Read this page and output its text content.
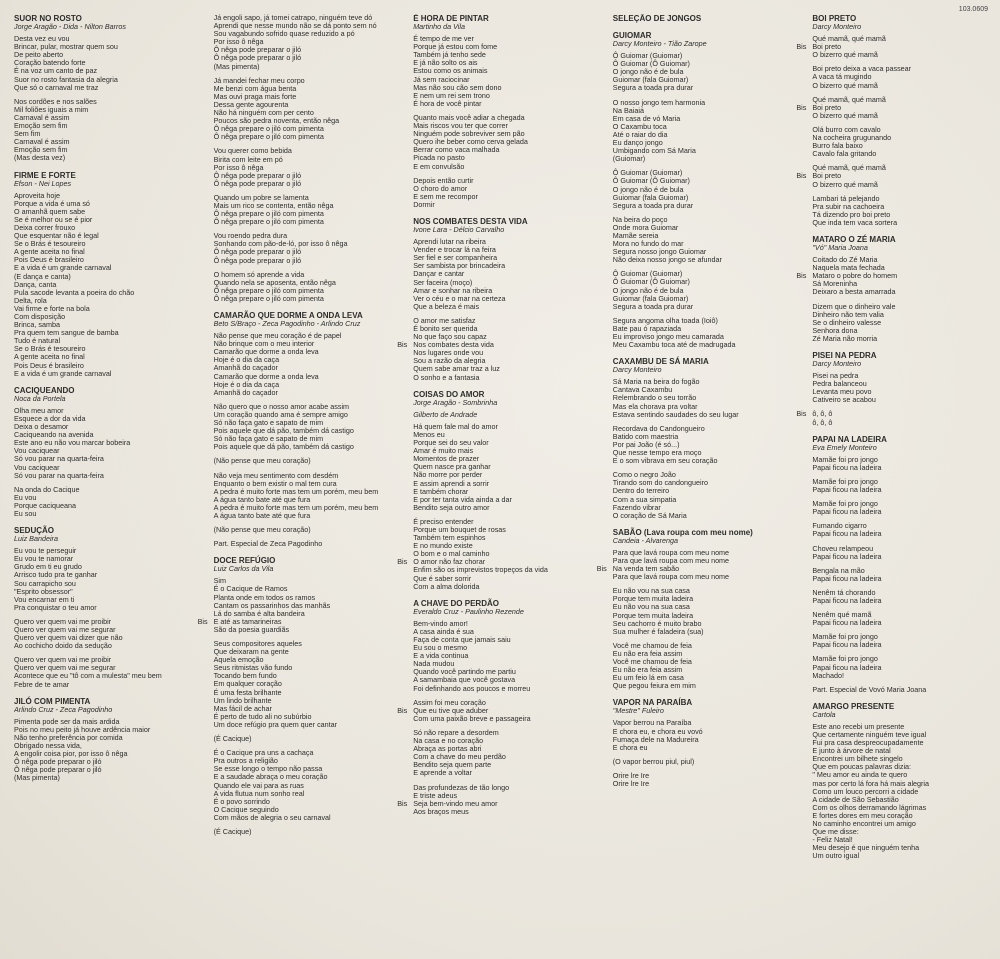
103.0609
SUOR NO ROSTO
Jorge Aragão - Dida - Nilton Barros
Desta vez eu vou
Brincar, pular, mostrar quem sou
De peito aberto
Coração batendo forte
É na voz um canto de paz
Suor no rosto fantasia da alegria
Que só o carnaval me traz
Nos cordões e nos salões
Mil foliões iguais a mim
Carnaval é assim
Emoção sem fim
Sem fim
Carnaval é assim
Emoção sem fim
(Mas desta vez)
FIRME E FORTE
Efson - Nei Lopes
Aproveita hoje
Porque a vida é uma só
O amanhã quem sabe
Se é melhor ou se é pior
Deixa correr frouxo
Que esquentar não é legal
Se o Brás é tesoureiro
A gente aceita no final
Pois Deus é brasileiro
E a vida é um grande carnaval
(E dança e canta)
Dança, canta
Pula sacode levanta a poeira do chão
Delta, rola
Vai firme e forte na bola
Com disposição
Brinca, samba
Pra quem tem sangue de bamba
Tudo é natural
Se o Brás é tesoureiro
A gente aceita no final
Pois Deus é brasileiro
E a vida é um grande carnaval
CACIQUEANDO
Noca da Portela
Olha meu amor
Esquece a dor da vida
Deixa o desamor
Caciqueando na avenida
Este ano eu não vou marcar bobeira
Vou caciquear
Só vou parar na quarta-feira
Vou caciquear
Só vou parar na quarta-feira
Na onda do Cacique
Eu vou
Porque caciqueana
Eu sou
SEDUÇÃO
Luiz Bandeira
Eu vou te perseguir
Eu vou te namorar
Grudo em ti eu grudo
Arrisco tudo pra te ganhar
Sou carrapicho sou
"Esprito obsessor"
Vou encarnar em ti
Pra conquistar o teu amor
Quero ver quem vai me proibir
Quero ver quem vai me segurar
Quero ver quem vai dizer que não
Ao cochicho doido da sedução
Quero ver quem vai me proibir
Quero ver quem vai me segurar
Acontece que eu "tô com a mulesta" meu bem
Febre de te amar
JILÓ COM PIMENTA
Arlindo Cruz - Zeca Pagodinho
Pimenta pode ser da mais ardida
Pois no meu peito já houve ardência maior
Não tenho preferência por comida
Obrigado nessa vida,
A engolir coisa pior, por isso ô nêga
Ô nêga pode preparar o jiló
Ô nêga pode preparar o jiló
(Mas pimenta)
Já engoli sapo, já tomei catrapo, ninguém teve dó
Aprendi que nesse mundo não se dá ponto sem nó
Sou vagabundo sofrido quase reduzido a pó
Por isso ô nêga
Ô nêga pode preparar o jiló
Ô nêga pode preparar o jiló
(Mas pimenta)
Já mandei fechar meu corpo
Me benzi com água benta
Mas ouvi praga mais forte
Dessa gente agourenta
Não há ninguém com per cento
Poucos são pedra noventa, então nêga
Ô nêga prepare o jiló com pimenta
Ô nêga prepare o jiló com pimenta
Vou querer como bebida
Birita com leite em pó
Por isso ô nêga
Ô nêga pode preparar o jiló
Ô nêga pode preparar o jiló
Quando um pobre se lamenta
Mais um rico se contenta, então nêga
Ô nêga prepare o jiló com pimenta
Ô nêga prepare o jiló com pimenta
Vou roendo pedra dura
Sonhando com pão-de-ló, por isso ô nêga
Ô nêga pode preparar o jiló
Ô nêga pode preparar o jiló
O homem só aprende a vida
Quando nela se aposenta, então nêga
Ô nêga prepare o jiló com pimenta
Ô nêga prepare o jiló com pimenta
CAMARÃO QUE DORME A ONDA LEVA
Beto S/Braço - Zeca Pagodinho - Arlindo Cruz
Não pense que meu coração é de papel
Não brinque com o meu interior
Camarão que dorme a onda leva
Hoje é o dia da caça
Amanhã do caçador
Camarão que dorme a onda leva
Hoje é o dia da caça
Amanhã do caçador
Não quero que o nosso amor acabe assim
Um coração quando ama é sempre amigo
Só não faça gato e sapato de mim
Pois aquele que dá pão, também dá castigo
Só não faça gato e sapato de mim
Pois aquele que dá pão, também dá castigo
(Não pense que meu coração)
Não veja meu sentimento com desdém
Enquanto o bem existir o mal tem cura
A pedra é muito forte mas tem um porém, meu bem
A água tanto bate até que fura
A pedra é muito forte mas tem um porém, meu bem
A água tanto bate até que fura
(Não pense que meu coração)
Part. Especial de Zeca Pagodinho
DOCE REFÚGIO
Luiz Carlos da Vila
Sim
É o Cacique de Ramos
Planta onde em todos os ramos
Cantam os passarinhos das manhãs
Lá do samba é alta bandeira
Bis E até as tamarineiras
São da poesia guardiãs
Seus compositores aqueles
Que deixaram na gente
Aquela emoção
Seus ritmistas vão fundo
Tocando bem fundo
Em qualquer coração
É uma festa brilhante
Um lindo brilhante
Mas fácil de achar
É perto de tudo ali no subúrbio
Um doce refúgio pra quem quer cantar
(É Cacique)
É o Cacique pra uns a cachaça
Pra outros a religião
Se esse longo o tempo não passa
E a saudade abraça o meu coração
Quando ele vai para as ruas
A vida flutua num sonho real
É o povo sorrindo
O Cacique seguindo
Com mãos de alegria o seu carnaval
(É Cacique)
É HORA DE PINTAR
Martinho da Vila
É tempo de me ver
Porque já estou com fome
Também já tenho sede
E já não solto os ais
Estou como os animais
Já sem raciocinar
Mas não sou cão sem dono
E nem um rei sem trono
É hora de você pintar
Quanto mais você adiar a chegada
Mais riscos vou ter que correr
Ninguém pode sobreviver sem pão
Quero ihe beber como cerva gelada
Berrar como vaca malhada
Picada no pasto
E em convulsão
Depois então curtir
O choro do amor
E sem me recompor
Dormir
NOS COMBATES DESTA VIDA
Ivone Lara - Délcio Carvalho
Aprendi lutar na ribeira
Vender e trocar lá na feira
Ser fiel e ser companheira
Ser sambista por brincadeira
Dançar e cantar
Ser faceira (moço)
Amar e sonhar na ribeira
Ver o céu e o mar na certeza
Que a beleza é mais
O amor me satisfaz
É bonito ser querida
No que faço sou capaz
Bis Nos combates desta vida
Nos lugares onde vou
Sou a razão da alegria
Quem sabe amar traz a luz
O sonho e a fantasia
COISAS DO AMOR
Jorge Aragão - Sombrinha
Gilberto de Andrade
Há quem fale mal do amor
Menos eu
Porque sei do seu valor
Amar é muito mais
Momentos de prazer
Quem nasce pra ganhar
Não morre por perder
E assim aprendi a sorrir
E também chorar
E por ter tanta vida ainda a dar
Bendito seja outro amor
É preciso entender
Porque um bouquet de rosas
Também tem espinhos
E no mundo existe
O bom e o mal caminho
Bis O amor não faz chorar
Enfim são os imprevistos tropeços da vida
Que é saber sorrir
Com a alma dolorida
A CHAVE DO PERDÃO
Everaldo Cruz - Paulinho Rezende
Bem-vindo amor!
A casa ainda é sua
Faça de conta que jamais saiu
Eu sou o mesmo
E a vida continua
Nada mudou
Quando você partindo me partiu
A samambaia que você gostava
Foi definhando aos poucos e morreu
Assim foi meu coração
Bis Que eu tive que aduber
Com uma paixão breve e passageira
Só não repare a desordem
Na casa e no coração
Abraça as portas abri
Com a chave do meu perdão
Bendito seja quem parte
E aprende a voltar
Das profundezas de tão longo
E triste adeus
Bis Seja bem-vindo meu amor
Aos braços meus
SELEÇÃO DE JONGOS
GUIOMAR
Darcy Monteiro - Tião Zarope
Ô Guiomar (Guiomar)
Ô Guiomar (Ô Guiomar)
O jongo não é de bula
Guiomar (fala Guiomar)
Segura a toada pra durar
O nosso jongo tem harmonia
Na Baiaiá
Em casa de vó Maria
O Caxambu toca
Até o raiar do dia
Eu danço jongo
Umbigando com Sá Maria
(Guiomar)
Ô Guiomar (Guiomar)
Ô Guiomar (Ô Guiomar)
O jongo não é de bula
Guiomar (fala Guiomar)
Segura a toada pra durar
Na beira do poço
Onde mora Guiomar
Mamãe sereia
Mora no fundo do mar
Segura nosso jongo Guiomar
Não deixa nosso jongo se afundar
Ô Guiomar (Guiomar)
Ô Guiomar (Ô Guiomar)
O jongo não é de bula
Guiomar (fala Guiomar)
Segura a toada pra durar
Segura angoma olha toada (Ioiô)
Bate pau ó rapaziada
Eu improviso jongo meu camarada
Meu Caxambu toca até de madrugada
CAXAMBU DE SÁ MARIA
Darcy Monteiro
Sá Maria na beira do fogão
Cantava Caxambu
Relembrando o seu torrão
Mas ela chorava pra voltar
Estava sentindo saudades do seu lugar
Recordava do Candongueiro
Batido com maestria
Por pai João (é só...)
Que nesse tempo era moço
E o som vibrava em seu coração
Como o negro João
Tirando som do candongueiro
Dentro do terreiro
Com a sua simpatia
Fazendo vibrar
O coração de Sá Maria
SABÃO (Lava roupa com meu nome)
Candeia - Alvarenga
Para que lavá roupa com meu nome
Para que lavá roupa com meu nome
Bis Na venda tem sabão
Para que lavá roupa com meu nome
Eu não vou na sua casa
Porque tem muita ladeira
Eu não vou na sua casa
Porque tem muita ladeira
Seu cachorro é muito brabo
Sua mulher é faladeira (sua)
Você me chamou de feia
Eu não era feia assim
Você me chamou de feia
Eu não era feia assim
Eu um feio lá em casa
Que pegou feiura em mim
VAPOR NA PARAÍBA
"Mestre" Fuleiro
Vapor berrou na Paraíba
E chora eu, e chora eu vovó
Fumaça dele na Madureira
E chora eu
(O vapor berrou piul, piul)
Orire lre Ire
Orire lre Ire
BOI PRETO
Darcy Monteiro
Qué mamã, qué mamã
Bis Boi preto
O bizerro qué mamã
Boi preto deixa a vaca passear
A vaca tá mugindo
O bizerro qué mamã
Qué mamã, qué mamã
Bis Boi preto
O bizerro qué mamã
Olá burro com cavalo
Na cocheira grugunando
Burro fala baixo
Cavalo fala gritando
Qué mamã, qué mamã
Bis Boi preto
O bizerro qué mamã
Lambari tá pelejando
Pra subir na cachoeira
Tá dizendo pro boi preto
Que inda tem vaca sortera
MATARO O ZÉ MARIA
"Vó" Maria Joana
Coitado do Zé Maria
Naquela mata fechada
Bis Mataro o pobre do homem
Sá Moreninha
Deixaro a besta amarrada
Dizem que o dinheiro vale
Dinheiro não tem valia
Se o dinheiro valesse
Senhora dona
Zé Maria não morria
PISEI NA PEDRA
Darcy Monteiro
Pisei na pedra
Pedra balanceou
Levanta meu povo
Cativeiro se acabou
Bis ô, ô, ô
ô, ô, ô
PAPAI NA LADEIRA
Eva Emely Monteiro
Mamãe foi pro jongo
Papai ficou na ladeira
Mamãe foi pro jongo
Papai ficou na ladeira
Mamãe foi pro jongo
Papai ficou na ladeira
Fumando cigarro
Papai ficou na ladeira
Choveu relampeou
Papai ficou na ladeira
Bengala na mão
Papai ficou na ladeira
Nenêm tá chorando
Papai ficou na ladeira
Nenêm qué mamã
Papai ficou na ladeira
Mamãe foi pro jongo
Papai ficou na ladeira
Mamãe foi pro jongo
Papai ficou na ladeira
Machado!
Part. Especial de Vovó Maria Joana
AMARGO PRESENTE
Cartola
Este ano recebi um presente
Que certamente ninguém teve igual
Fui pra casa despreocupadamente
E junto à árvore de natal
Encontrei um bilhete singelo
Que em poucas palavras dizia:
" Meu amor eu ainda te quero
mas por certo lá fora há mais alegria
Como um louco percorri a cidade
A cidade de São Sebastião
Com os olhos derramando lágrimas
E fortes dores em meu coração
No caminho encontrei um amigo
Que me disse:
- Feliz Natal!
Meu desejo é que ninguém tenha
Um outro igual
